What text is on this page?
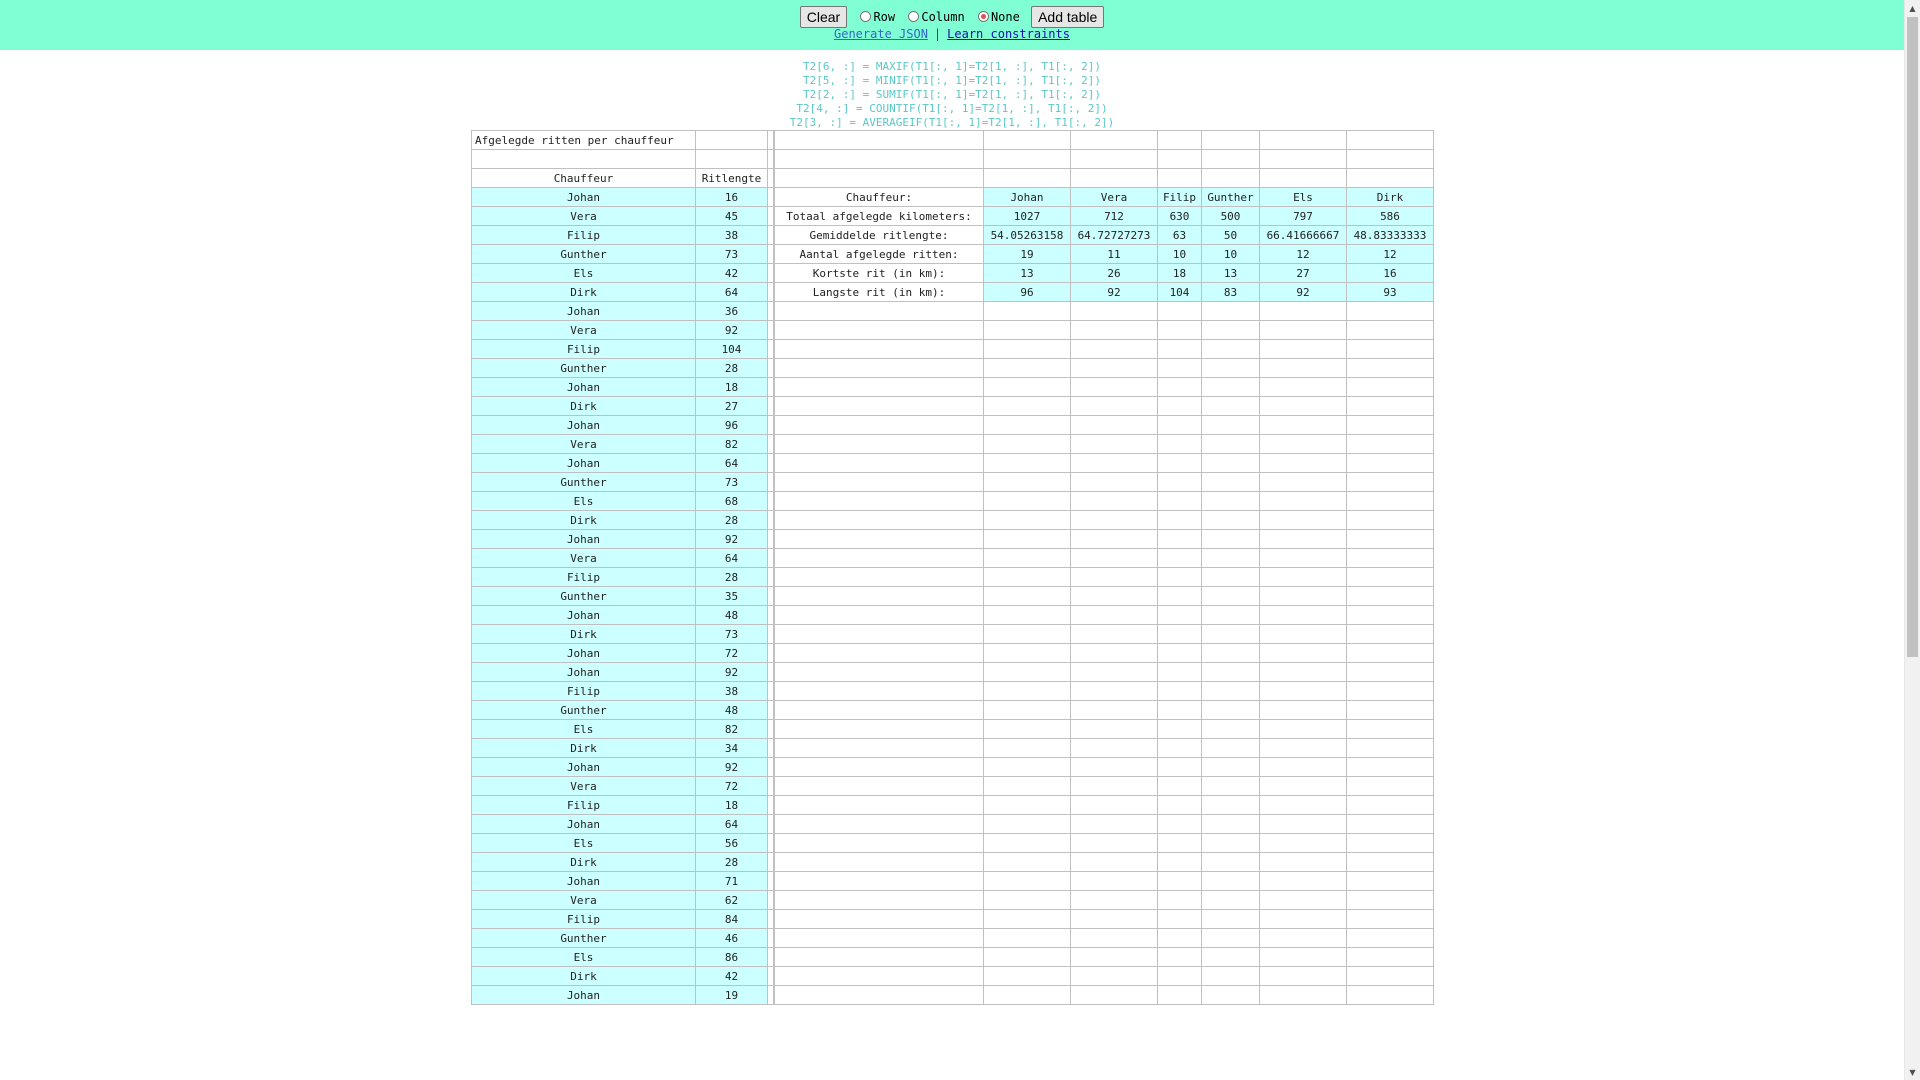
Clear	Row Column None Add table
Generate JSON | Learn constraints
T2[6, :] = MAXIF(T1[:, 1]=T2[1, :], T1[:, 2])
T2[5, :] = MINIF(T1[:, 1]=T2[1, :], T1[:, 2])
T2[2, :] = SUMIF(T1[:, 1]=T2[1, :], T1[:, 2])
T2[4, :] = COUNTIF(T1[:, 1]=T2[1, :], T1[:, 2])
T2[3, :] = AVERAGEIF(T1[:, 1]=T2[1, :], T1[:, 2])
Afgelegde ritten per chauffeur		

Chauffeur	Ritlengte	
Johan	16	
Vera	45	
Filip	38	
Gunther	73	
Els	42	
Dirk	64	
Johan	36	
Vera	92	
Filip	104	
Gunther	28	
Johan	18	
Dirk	27	
Johan	96	
Vera	82	
Johan	64	
Gunther	73	
Els	68	
Dirk	28	
Johan	92	
Vera	64	
Filip	28	
Gunther	35	
Johan	48	
Dirk	73	
Johan	72	
Johan	92	
Filip	38	
Gunther	48	
Els	82	
Dirk	34	
Johan	92	
Vera	72	
Filip	18	
Johan	64	
Els	56	
Dirk	28	
Johan	71	
Vera	62	
Filip	84	
Gunther	46	
Els	86	
Dirk	42	
Johan	19	

Chauffeur:	Johan	Vera	Filip	Gunther	Els	Dirk
Totaal afgelegde kilometers:	1027	712	630	500	797	586
Gemiddelde ritlengte:	54.05263158	64.72727273	63	50	66.41666667	48.83333333
Aantal afgelegde ritten:	19	11	10	10	12	12
Kortste rit (in km):	13	26	18	13	27	16
Langste rit (in km):	96	92	104	83	92	93

▲
▼
